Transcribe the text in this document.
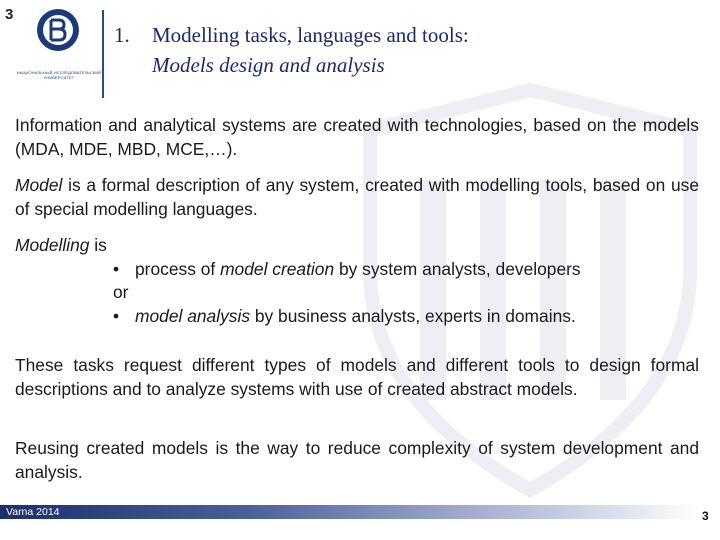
3
НАЦИОНАЛЬНЫЙ ИССЛЕДОВАТЕЛЬСКИЙ УНИВЕРСИТЕТ
1. Modelling tasks, languages and tools:
Models design and analysis
Information and analytical systems are created with technologies, based on the models (MDA, MDE, MBD, MCE,…).
Model is a formal description of any system, created with modelling tools, based on use of special modelling languages.
Modelling is
• process of model creation by system analysts, developers
or
• model analysis by business analysts, experts in domains.
These tasks request different types of models and different tools to design formal descriptions and to analyze systems with use of created abstract models.
Reusing created models is the way to reduce complexity of system development and analysis.
Varna 2014	3
